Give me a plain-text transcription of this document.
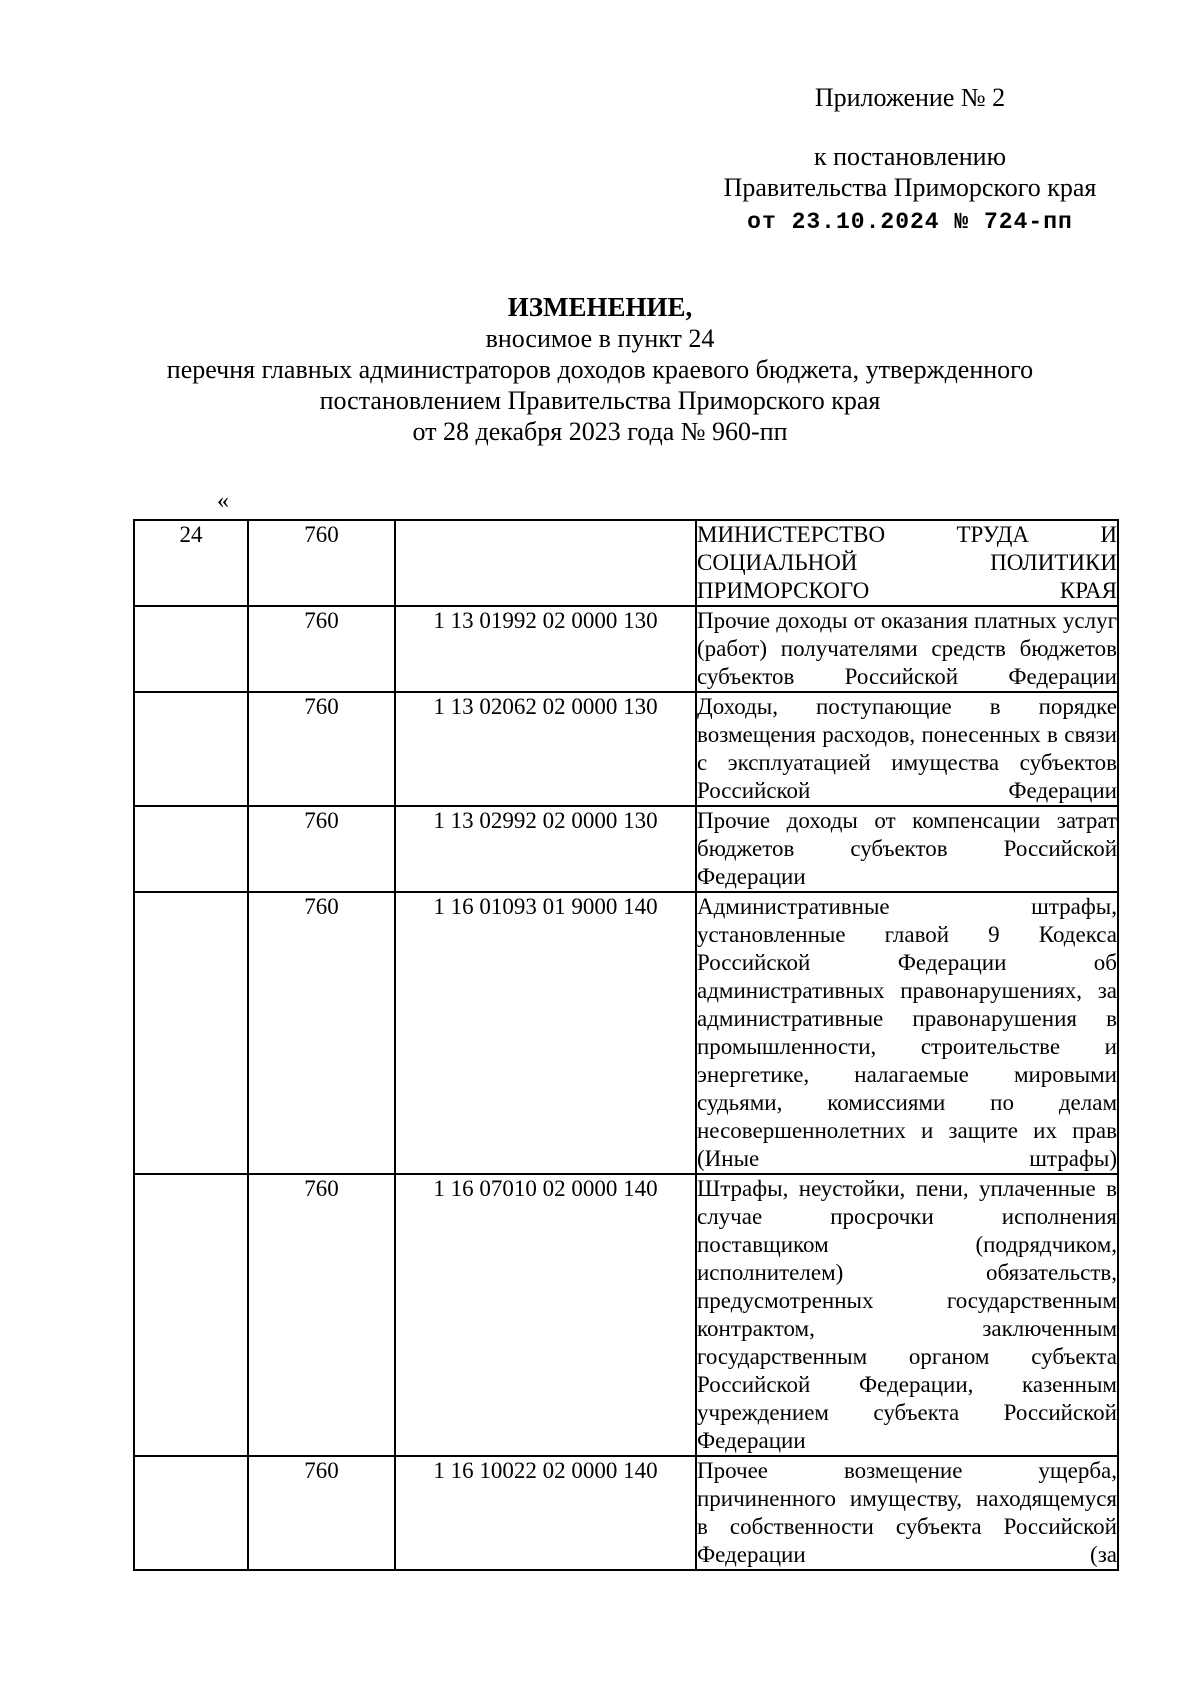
Приложение № 2
к постановлению
Правительства Приморского края
от 23.10.2024 № 724-пп
ИЗМЕНЕНИЕ,
вносимое в пункт 24
перечня главных администраторов доходов краевого бюджета, утвержденного
постановлением Правительства Приморского края
от 28 декабря 2023 года № 960-пп
«
24	760		МИНИСТЕРСТВО ТРУДА И СОЦИАЛЬНОЙ ПОЛИТИКИ ПРИМОРСКОГО КРАЯ
	760	1 13 01992 02 0000 130	Прочие доходы от оказания платных услуг (работ) получателями средств бюджетов субъектов Российской Федерации
	760	1 13 02062 02 0000 130	Доходы, поступающие в порядке возмещения расходов, понесенных в связи с эксплуатацией имущества субъектов Российской Федерации
	760	1 13 02992 02 0000 130	Прочие доходы от компенсации затрат бюджетов субъектов Российской Федерации
	760	1 16 01093 01 9000 140	Административные штрафы, установленные главой 9 Кодекса Российской Федерации об административных правонарушениях, за административные правонарушения в промышленности, строительстве и энергетике, налагаемые мировыми судьями, комиссиями по делам несовершеннолетних и защите их прав (Иные штрафы)
	760	1 16 07010 02 0000 140	Штрафы, неустойки, пени, уплаченные в случае просрочки исполнения поставщиком (подрядчиком, исполнителем) обязательств, предусмотренных государственным контрактом, заключенным государственным органом субъекта Российской Федерации, казенным учреждением субъекта Российской Федерации
	760	1 16 10022 02 0000 140	Прочее возмещение ущерба, причиненного имуществу, находящемуся в собственности субъекта Российской Федерации (за
